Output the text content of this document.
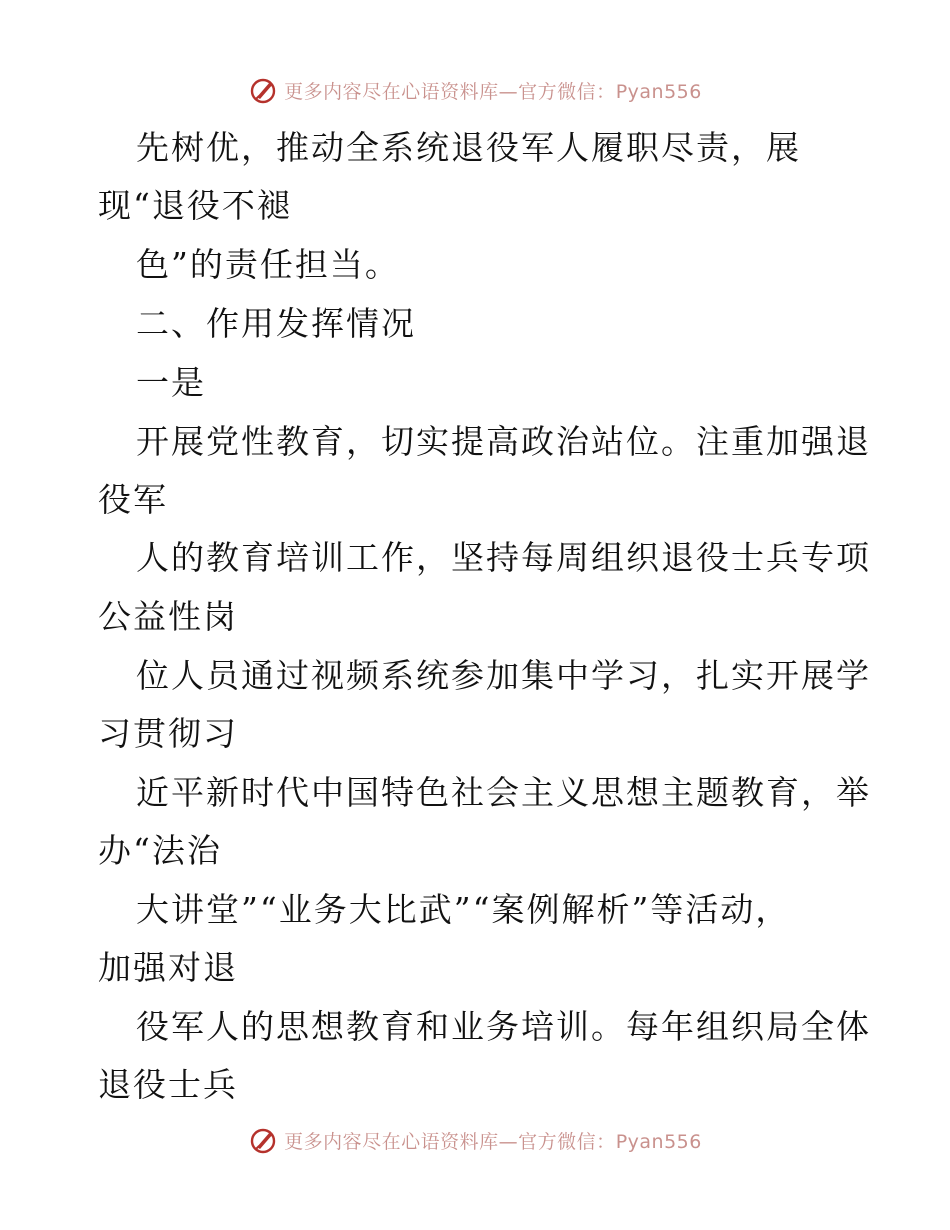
更多内容尽在心语资料库—官方微信：Pyan556
先树优，推动全系统退役军人履职尽责，展
现“退役不褪
色”的责任担当。
二、作用发挥情况
一是
开展党性教育，切实提高政治站位。注重加强退
役军
人的教育培训工作，坚持每周组织退役士兵专项
公益性岗
位人员通过视频系统参加集中学习，扎实开展学
习贯彻习
近平新时代中国特色社会主义思想主题教育，举
办“法治
大讲堂”“业务大比武”“案例解析”等活动，
加强对退
役军人的思想教育和业务培训。每年组织局全体
退役士兵
更多内容尽在心语资料库—官方微信：Pyan556
